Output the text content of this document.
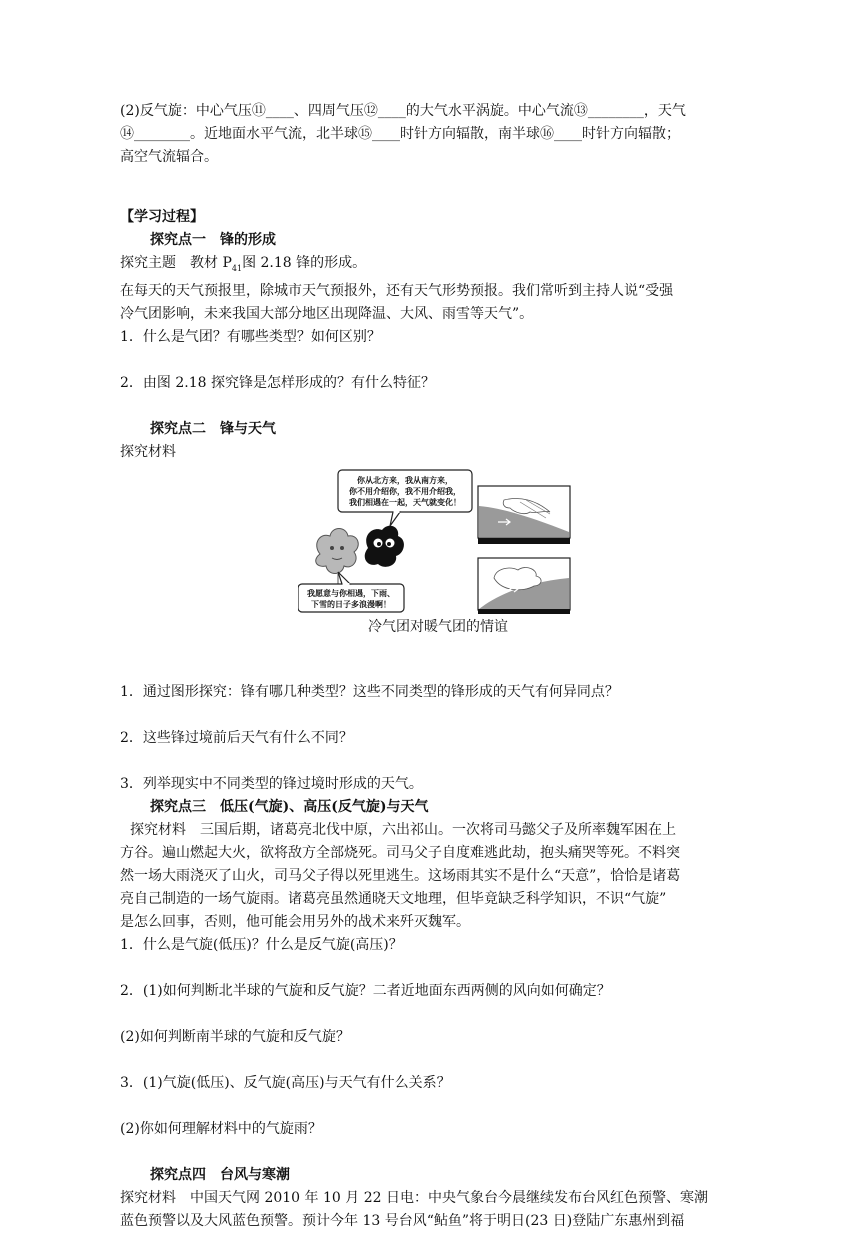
(2)反气旋：中心气压⑪____、四周气压⑫____的大气水平涡旋。中心气流⑬________，天气

⑭________。近地面水平气流，北半球⑮____时针方向辐散，南半球⑯____时针方向辐散；

高空气流辐合。

【学习过程】

探究点一　锋的形成

探究主题　教材 $P_{41}$图 2.18 锋的形成。

在每天的天气预报里，除城市天气预报外，还有天气形势预报。我们常听到主持人说“受强

冷气团影响，未来我国大部分地区出现降温、大风、雨雪等天气”。

1．什么是气团？有哪些类型？如何区别？

2．由图 2.18 探究锋是怎样形成的？有什么特征？

探究点二　锋与天气

探究材料

你从北方来，我从南方来，
你不用介绍你，我不用介绍我，
我们相遇在一起，天气就变化！
我愿意与你相遇，下雨、
下雪的日子多浪漫啊！

冷气团对暖气团的情谊

1．通过图形探究：锋有哪几种类型？这些不同类型的锋形成的天气有何异同点？

2．这些锋过境前后天气有什么不同？

3．列举现实中不同类型的锋过境时形成的天气。

探究点三　低压(气旋)、高压(反气旋)与天气

探究材料　三国后期，诸葛亮北伐中原，六出祁山。一次将司马懿父子及所率魏军困在上

方谷。遍山燃起大火，欲将敌方全部烧死。司马父子自度难逃此劫，抱头痛哭等死。不料突

然一场大雨浇灭了山火，司马父子得以死里逃生。这场雨其实不是什么“天意”，恰恰是诸葛

亮自己制造的一场气旋雨。诸葛亮虽然通晓天文地理，但毕竟缺乏科学知识，不识“气旋”

是怎么回事，否则，他可能会用另外的战术来歼灭魏军。

1．什么是气旋(低压)？什么是反气旋(高压)？

2．(1)如何判断北半球的气旋和反气旋？二者近地面东西两侧的风向如何确定？

(2)如何判断南半球的气旋和反气旋？

3．(1)气旋(低压)、反气旋(高压)与天气有什么关系？

(2)你如何理解材料中的气旋雨？

探究点四　台风与寒潮

探究材料　中国天气网 2010 年 10 月 22 日电：中央气象台今晨继续发布台风红色预警、寒潮

蓝色预警以及大风蓝色预警。预计今年 13 号台风“鲇鱼”将于明日(23 日)登陆广东惠州到福
